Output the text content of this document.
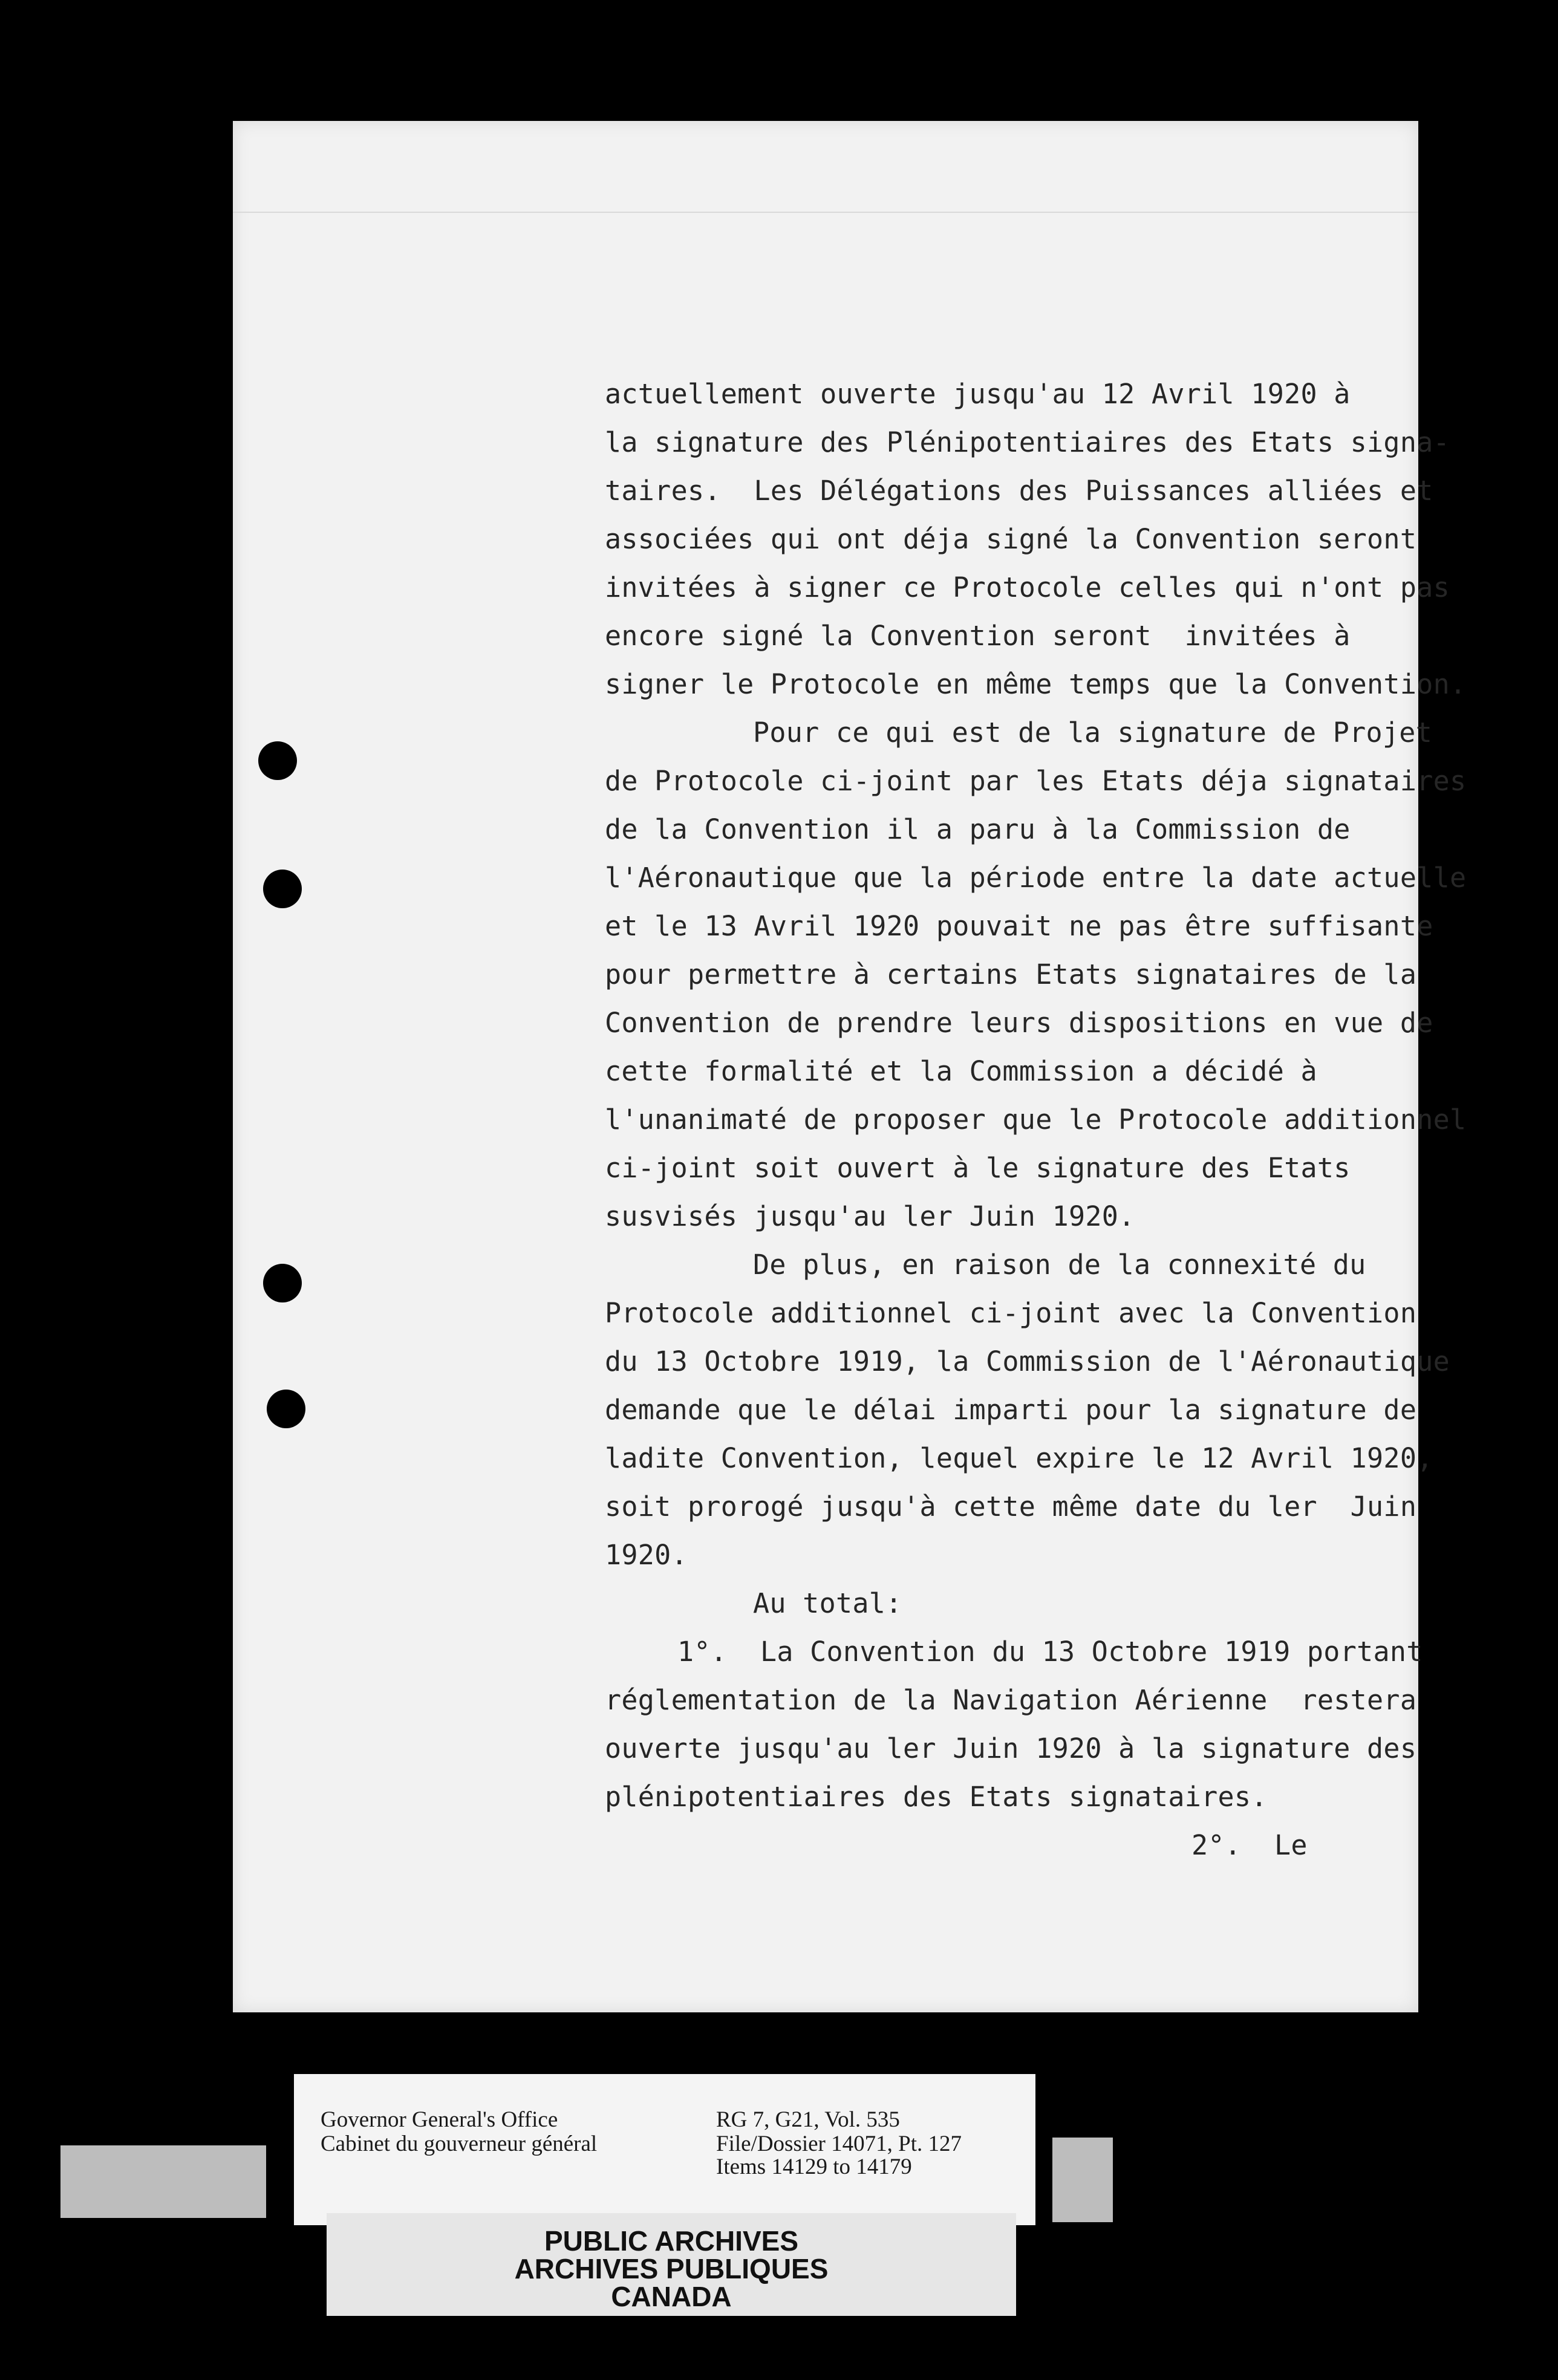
actuellement ouverte jusqu'au 12 Avril 1920 à
la signature des Plénipotentiaires des Etats signa-
taires.  Les Délégations des Puissances alliées et
associées qui ont déja signé la Convention seront
invitées à signer ce Protocole celles qui n'ont pas
encore signé la Convention seront  invitées à
signer le Protocole en même temps que la Convention.
Pour ce qui est de la signature de Projet
de Protocole ci-joint par les Etats déja signataires
de la Convention il a paru à la Commission de
l'Aéronautique que la période entre la date actuelle
et le 13 Avril 1920 pouvait ne pas être suffisante
pour permettre à certains Etats signataires de la
Convention de prendre leurs dispositions en vue de
cette formalité et la Commission a décidé à
l'unanimaté de proposer que le Protocole additionnel
ci-joint soit ouvert à le signature des Etats
susvisés jusqu'au ler Juin 1920.
De plus, en raison de la connexité du
Protocole additionnel ci-joint avec la Convention
du 13 Octobre 1919, la Commission de l'Aéronautique
demande que le délai imparti pour la signature de
ladite Convention, lequel expire le 12 Avril 1920,
soit prorogé jusqu'à cette même date du ler  Juin
1920.
Au total:
1°.  La Convention du 13 Octobre 1919 portant
réglementation de la Navigation Aérienne  restera
ouverte jusqu'au ler Juin 1920 à la signature des
plénipotentiaires des Etats signataires.
2°.  Le
Governor General's Office
Cabinet du gouverneur général
RG 7, G21, Vol. 535
File/Dossier 14071, Pt. 127
Items 14129 to 14179
PUBLIC ARCHIVES
ARCHIVES PUBLIQUES
CANADA
